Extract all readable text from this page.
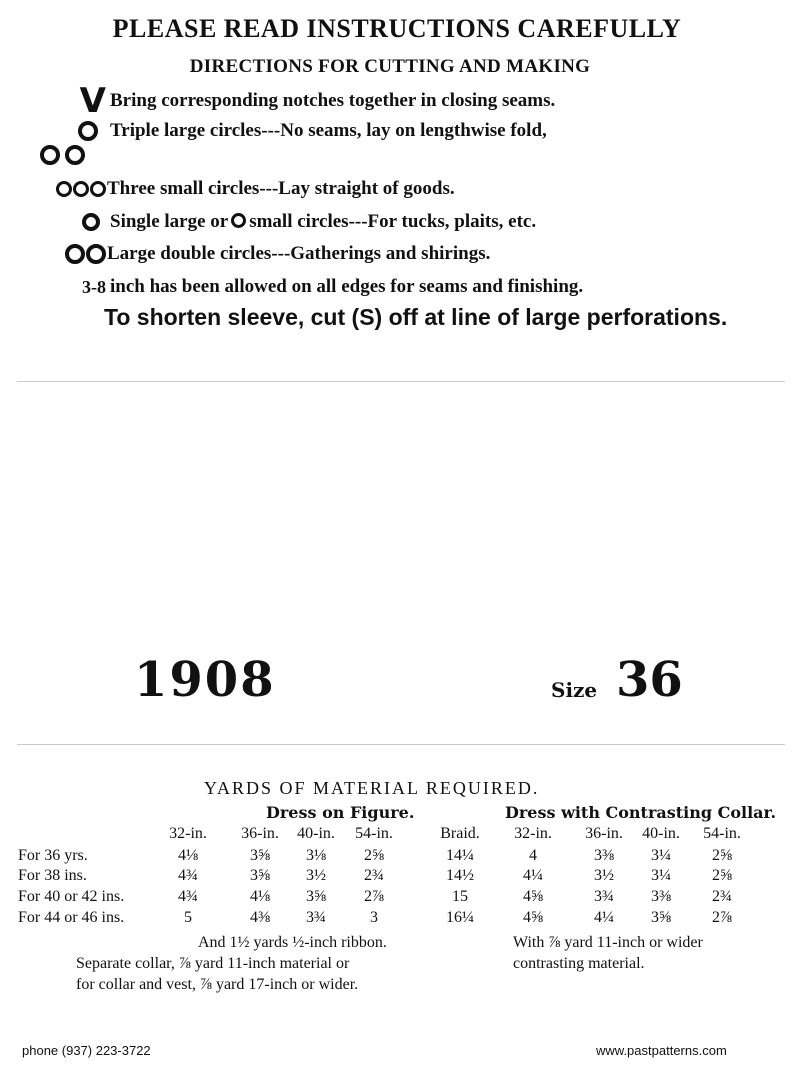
PLEASE READ INSTRUCTIONS CAREFULLY
DIRECTIONS FOR CUTTING AND MAKING
V Bring corresponding notches together in closing seams.
Triple large circles---No seams, lay on lengthwise fold,
Three small circles---Lay straight of goods.
Single large or small circles---For tucks, plaits, etc.
Large double circles---Gatherings and shirings.
3-8 inch has been allowed on all edges for seams and finishing.
To shorten sleeve, cut (S) off at line of large perforations.
1908	Size 36
YARDS OF MATERIAL REQUIRED.
Dress on Figure.	Dress with Contrasting Collar.
32-in.	36-in.	40-in.	54-in.	Braid.	32-in.	36-in.	40-in.	54-in.
For 36 yrs.	4⅛	3⅝	3⅛	2⅝	14¼	4	3⅜	3¼	2⅝
For 38 ins.	4¾	3⅝	3½	2¾	14½	4¼	3½	3¼	2⅝
For 40 or 42 ins.	4¾	4⅛	3⅝	2⅞	15	4⅝	3¾	3⅜	2¾
For 44 or 46 ins.	5	4⅜	3¾	3	16¼	4⅝	4¼	3⅝	2⅞
And 1½ yards ½-inch ribbon.
Separate collar, ⅞ yard 11-inch material or
for collar and vest, ⅞ yard 17-inch or wider.
With ⅞ yard 11-inch or wider
contrasting material.
phone (937) 223-3722	www.pastpatterns.com
